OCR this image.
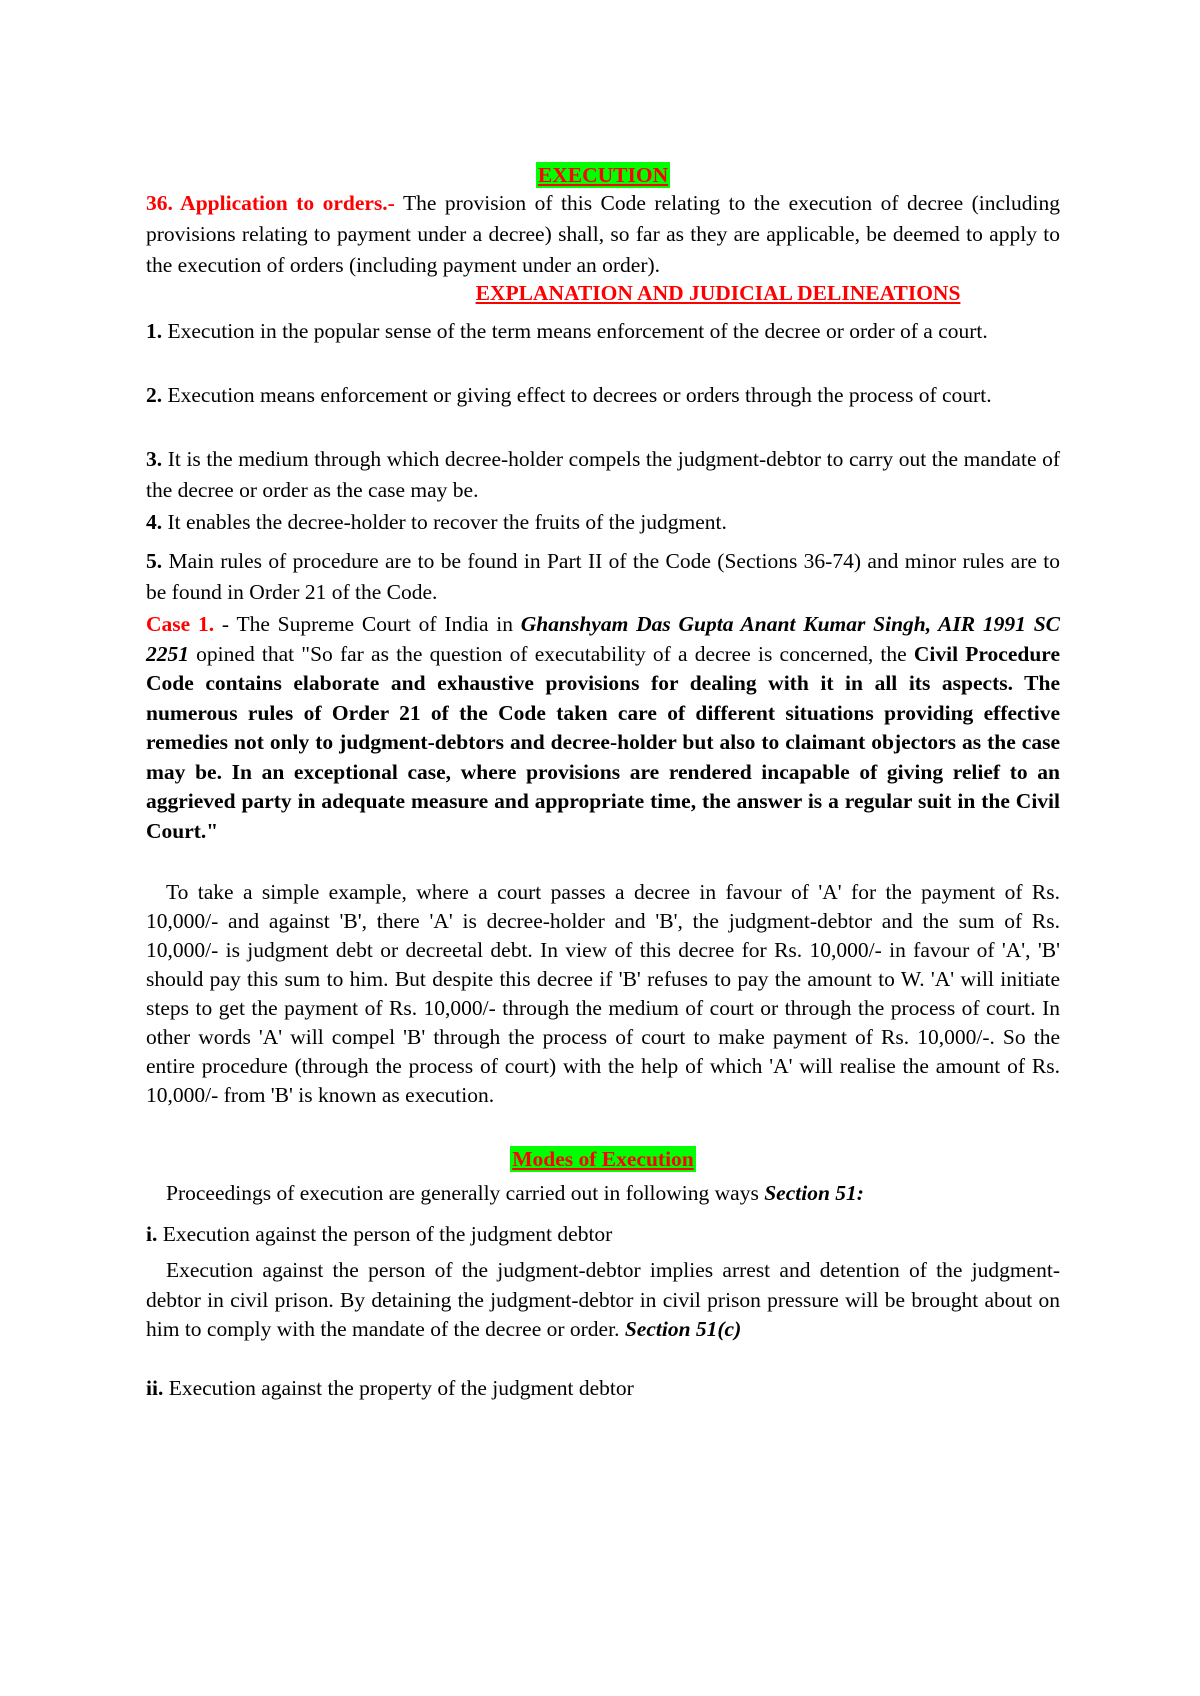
EXECUTION
36. Application to orders.- The provision of this Code relating to the execution of decree (including provisions relating to payment under a decree) shall, so far as they are applicable, be deemed to apply to the execution of orders (including payment under an order).
EXPLANATION AND JUDICIAL DELINEATIONS
1. Execution in the popular sense of the term means enforcement of the decree or order of a court.
2. Execution means enforcement or giving effect to decrees or orders through the process of court.
3. It is the medium through which decree-holder compels the judgment-debtor to carry out the mandate of the decree or order as the case may be.
4. It enables the decree-holder to recover the fruits of the judgment.
5. Main rules of procedure are to be found in Part II of the Code (Sections 36-74) and minor rules are to be found in Order 21 of the Code.
Case 1. - The Supreme Court of India in Ghanshyam Das Gupta Anant Kumar Singh, AIR 1991 SC 2251 opined that "So far as the question of executability of a decree is concerned, the Civil Procedure Code contains elaborate and exhaustive provisions for dealing with it in all its aspects. The numerous rules of Order 21 of the Code taken care of different situations providing effective remedies not only to judgment-debtors and decree-holder but also to claimant objectors as the case may be. In an exceptional case, where provisions are rendered incapable of giving relief to an aggrieved party in adequate measure and appropriate time, the answer is a regular suit in the Civil Court."
To take a simple example, where a court passes a decree in favour of 'A' for the payment of Rs. 10,000/- and against 'B', there 'A' is decree-holder and 'B', the judgment-debtor and the sum of Rs. 10,000/- is judgment debt or decreetal debt. In view of this decree for Rs. 10,000/- in favour of 'A', 'B' should pay this sum to him. But despite this decree if 'B' refuses to pay the amount to W. 'A' will initiate steps to get the payment of Rs. 10,000/- through the medium of court or through the process of court. In other words 'A' will compel 'B' through the process of court to make payment of Rs. 10,000/-. So the entire procedure (through the process of court) with the help of which 'A' will realise the amount of Rs. 10,000/- from 'B' is known as execution.
Modes of Execution
Proceedings of execution are generally carried out in following ways Section 51:
i. Execution against the person of the judgment debtor
Execution against the person of the judgment-debtor implies arrest and detention of the judgment-debtor in civil prison. By detaining the judgment-debtor in civil prison pressure will be brought about on him to comply with the mandate of the decree or order. Section 51(c)
ii. Execution against the property of the judgment debtor
